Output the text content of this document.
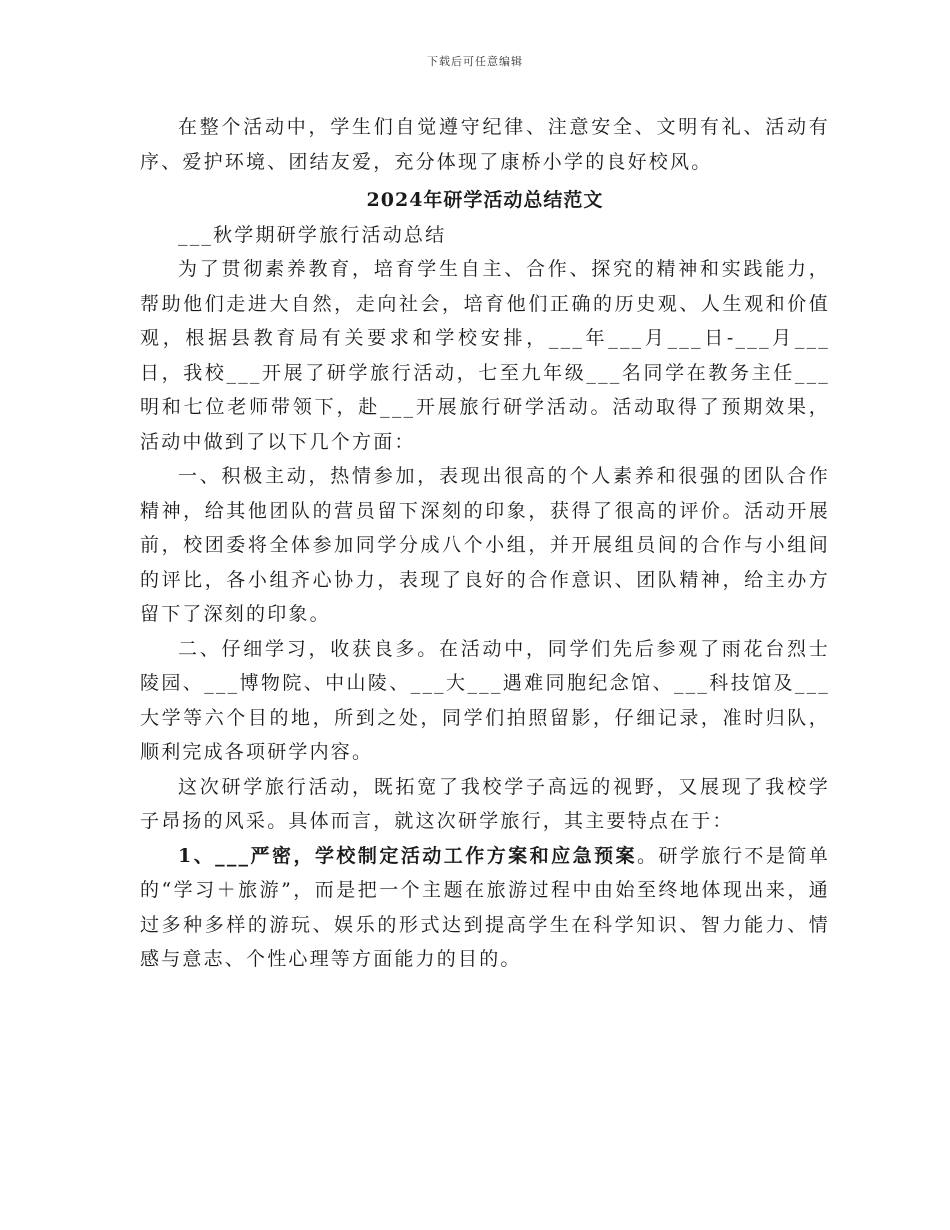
下载后可任意编辑

在整个活动中，学生们自觉遵守纪律、注意安全、文明有礼、活动有序、爱护环境、团结友爱，充分体现了康桥小学的良好校风。

2024年研学活动总结范文

___秋学期研学旅行活动总结

为了贯彻素养教育，培育学生自主、合作、探究的精神和实践能力，帮助他们走进大自然，走向社会，培育他们正确的历史观、人生观和价值观，根据县教育局有关要求和学校安排，___年___月___日-___月___日，我校___开展了研学旅行活动，七至九年级___名同学在教务主任___明和七位老师带领下，赴___开展旅行研学活动。活动取得了预期效果，活动中做到了以下几个方面：

一、积极主动，热情参加，表现出很高的个人素养和很强的团队合作精神，给其他团队的营员留下深刻的印象，获得了很高的评价。活动开展前，校团委将全体参加同学分成八个小组，并开展组员间的合作与小组间的评比，各小组齐心协力，表现了良好的合作意识、团队精神，给主办方留下了深刻的印象。

二、仔细学习，收获良多。在活动中，同学们先后参观了雨花台烈士陵园、___博物院、中山陵、___大___遇难同胞纪念馆、___科技馆及___大学等六个目的地，所到之处，同学们拍照留影，仔细记录，准时归队，顺利完成各项研学内容。

这次研学旅行活动，既拓宽了我校学子高远的视野，又展现了我校学子昂扬的风采。具体而言，就这次研学旅行，其主要特点在于：

1、___严密，学校制定活动工作方案和应急预案。研学旅行不是简单的“学习＋旅游”，而是把一个主题在旅游过程中由始至终地体现出来，通过多种多样的游玩、娱乐的形式达到提高学生在科学知识、智力能力、情感与意志、个性心理等方面能力的目的。
